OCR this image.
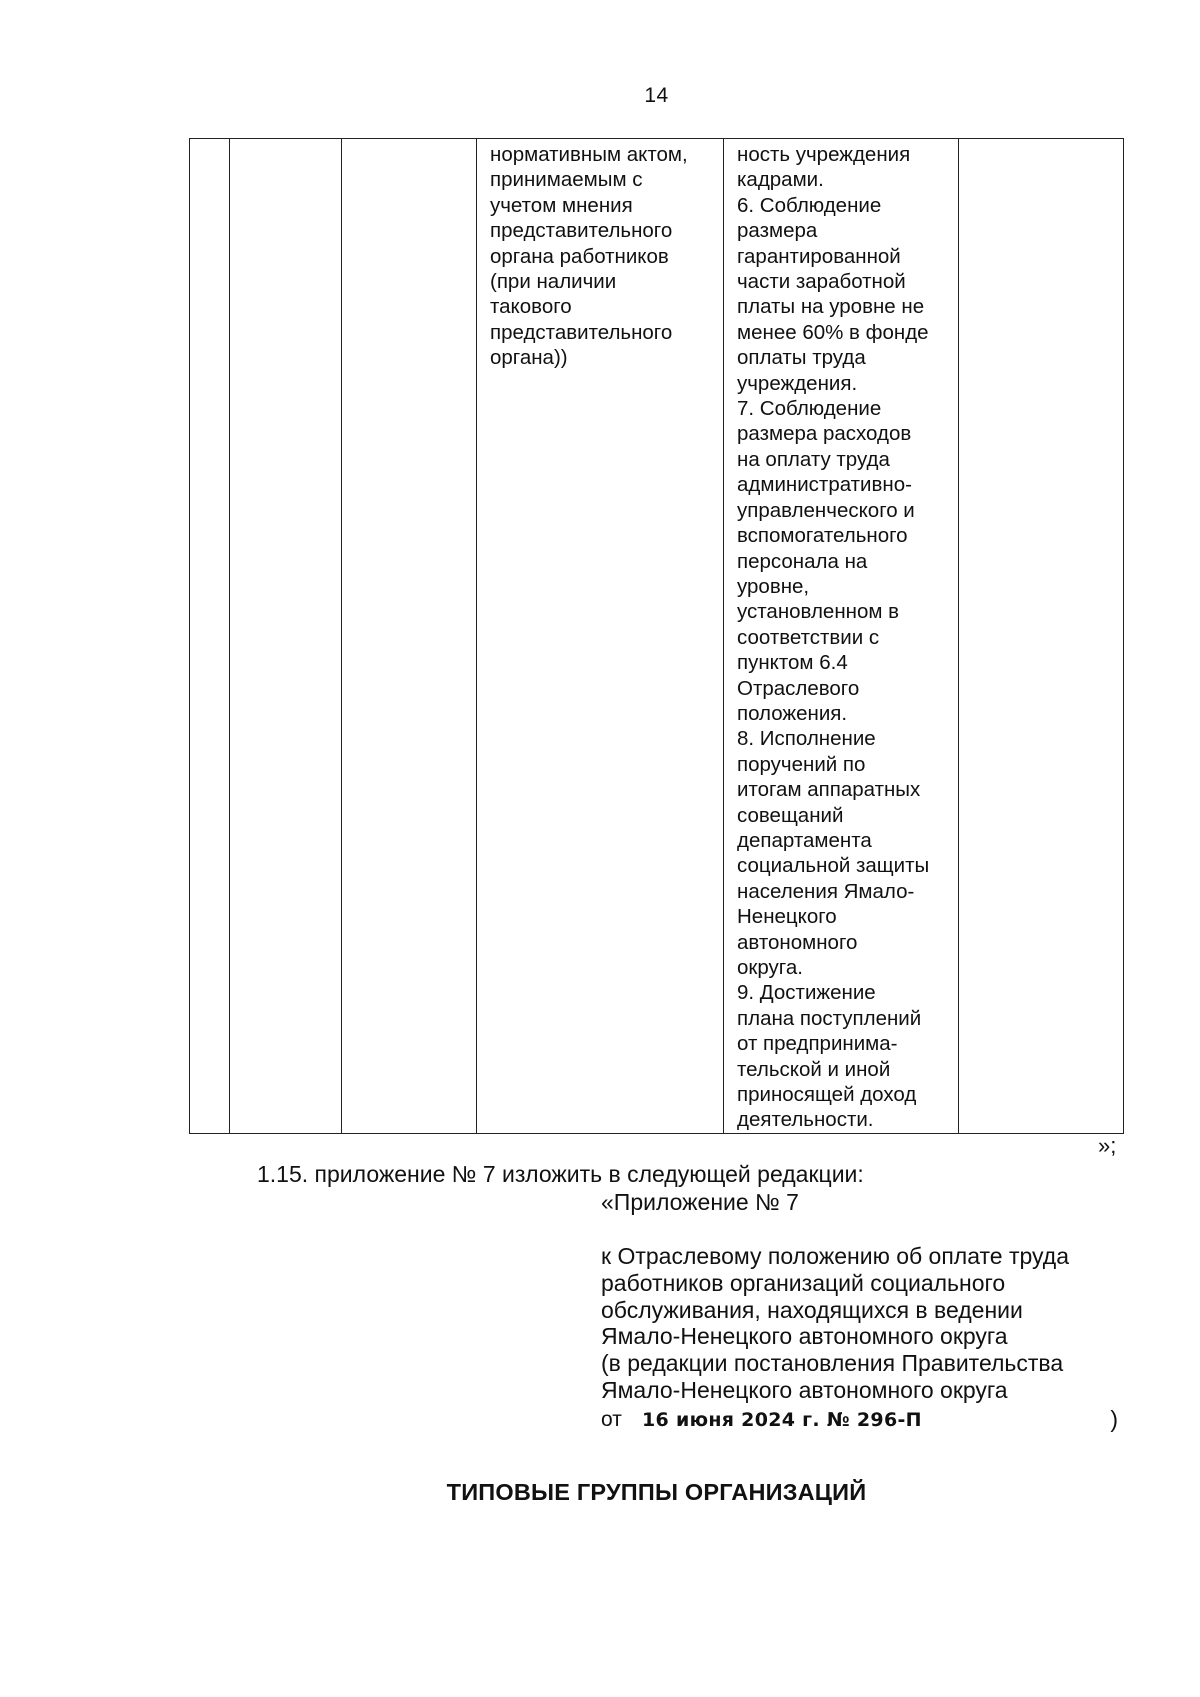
14

нормативным актом,
принимаемым с
учетом мнения
представительного
органа работников
(при наличии
такового
представительного
органа))

ность учреждения
кадрами.
6. Соблюдение
размера
гарантированной
части заработной
платы на уровне не
менее 60% в фонде
оплаты труда
учреждения.
7. Соблюдение
размера расходов
на оплату труда
административно-
управленческого и
вспомогательного
персонала на
уровне,
установленном в
соответствии с
пунктом 6.4
Отраслевого
положения.
8. Исполнение
поручений по
итогам аппаратных
совещаний
департамента
социальной защиты
населения Ямало-
Ненецкого
автономного
округа.
9. Достижение
плана поступлений
от предпринима-
тельской и иной
приносящей доход
деятельности.

»;
1.15. приложение № 7 изложить в следующей редакции:
«Приложение № 7
к Отраслевому положению об оплате труда
работников организаций социального
обслуживания, находящихся в ведении
Ямало-Ненецкого автономного округа
(в редакции постановления Правительства
Ямало-Ненецкого автономного округа
от 16 июня 2024 г. № 296-П	)
ТИПОВЫЕ ГРУППЫ ОРГАНИЗАЦИЙ
